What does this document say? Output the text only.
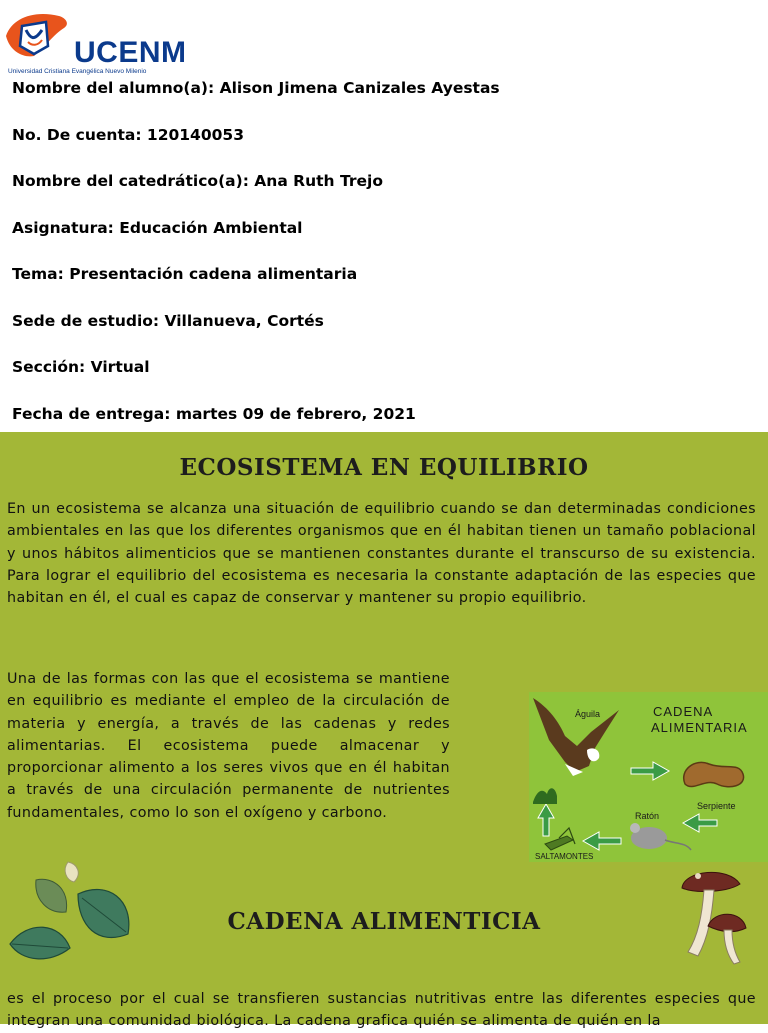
UCENM
Universidad Cristiana Evangélica Nuevo Milenio

Nombre del alumno(a): Alison Jimena Canizales Ayestas

No. De cuenta: 120140053

Nombre del catedrático(a): Ana Ruth Trejo

Asignatura: Educación Ambiental

Tema: Presentación cadena alimentaria

Sede de estudio: Villanueva, Cortés

Sección: Virtual

Fecha de entrega: martes 09 de febrero, 2021

ECOSISTEMA EN EQUILIBRIO

En un ecosistema se alcanza una situación de equilibrio cuando se dan determinadas condiciones ambientales en las que los diferentes organismos que en él habitan tienen un tamaño poblacional y unos hábitos alimenticios que se mantienen constantes durante el transcurso de su existencia. Para lograr el equilibrio del ecosistema es necesaria la constante adaptación de las especies que habitan en él, el cual es capaz de conservar y mantener su propio equilibrio.

Una de las formas con las que el ecosistema se mantiene en equilibrio es mediante el empleo de la circulación de materia y energía, a través de las cadenas y redes alimentarias. El ecosistema puede almacenar y proporcionar alimento a los seres vivos que en él habitan a través de una circulación permanente de nutrientes fundamentales, como lo son el oxígeno y carbono.

CADENA
ALIMENTARIA
Águila
Serpiente
Ratón
SALTAMONTES
CADENA ALIMENTICIA

es el proceso por el cual se transfieren sustancias nutritivas entre las diferentes especies que integran una comunidad biológica. La cadena grafica quién se alimenta de quién en la
